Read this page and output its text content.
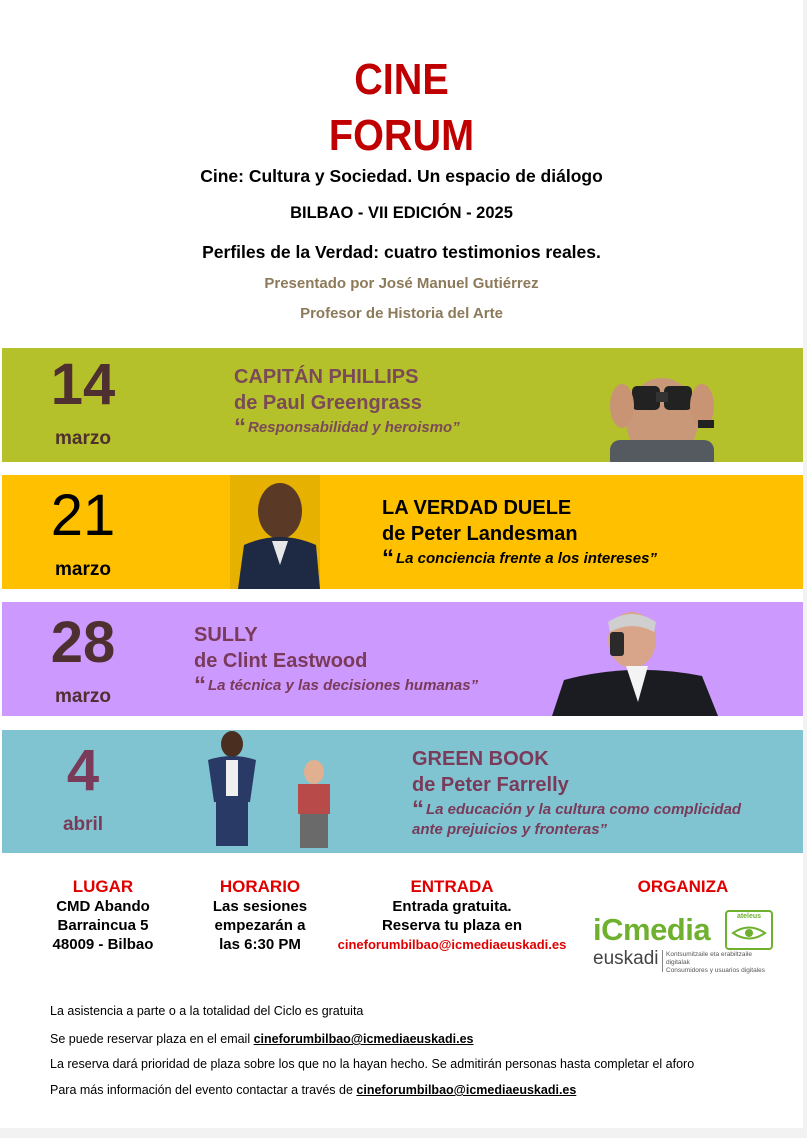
CINE
FORUM
Cine: Cultura y Sociedad. Un espacio de diálogo
BILBAO - VII EDICIÓN - 2025
Perfiles de la Verdad: cuatro testimonios reales.
Presentado por José Manuel Gutiérrez
Profesor de Historia del Arte
14
marzo
CAPITÁN PHILLIPS
de Paul Greengrass
“ Responsabilidad y heroismo”
21
marzo
LA VERDAD DUELE
de Peter Landesman
“ La conciencia frente a los intereses”
28
marzo
SULLY
de Clint Eastwood
“ La técnica y las decisiones humanas”
4
abril
GREEN BOOK
de Peter Farrelly
“ La educación y la cultura como complicidad
ante prejuicios y fronteras”
LUGAR
CMD Abando
Barraincua 5
48009 - Bilbao
HORARIO
Las sesiones
empezarán a
las 6:30 PM
ENTRADA
Entrada gratuita.
Reserva tu plaza en
cineforumbilbao@icmediaeuskadi.es
ORGANIZA
iCmedia
euskadi Kontsumitzaile eta erabiltzaile digitalak
Consumidores y usuarios digitales
ateleus
La asistencia a parte o a la totalidad del Ciclo es gratuita
Se puede reservar plaza en el email cineforumbilbao@icmediaeuskadi.es
La reserva dará prioridad de plaza sobre los que no la hayan hecho. Se admitirán personas hasta completar el aforo
Para más información del evento contactar a través de cineforumbilbao@icmediaeuskadi.es
